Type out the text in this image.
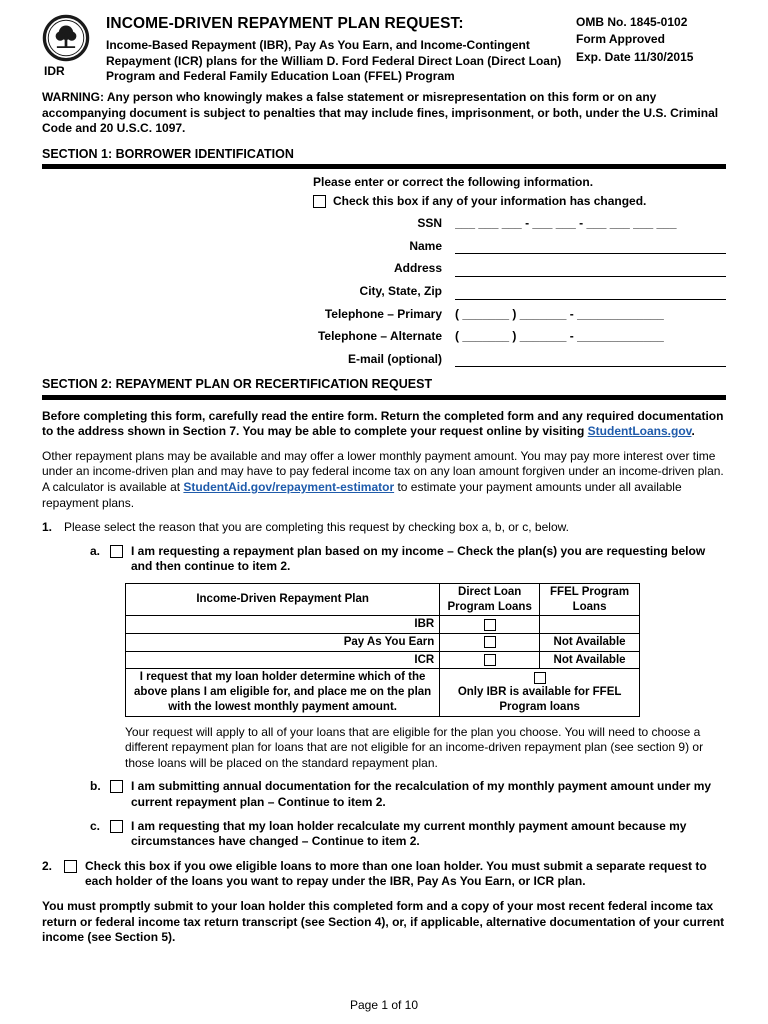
IDR
INCOME-DRIVEN REPAYMENT PLAN REQUEST:
Income-Based Repayment (IBR), Pay As You Earn, and Income-Contingent Repayment (ICR) plans for the William D. Ford Federal Direct Loan (Direct Loan) Program and Federal Family Education Loan (FFEL) Program
OMB No. 1845-0102
Form Approved
Exp. Date 11/30/2015

WARNING: Any person who knowingly makes a false statement or misrepresentation on this form or on any accompanying document is subject to penalties that may include fines, imprisonment, or both, under the U.S. Criminal Code and 20 U.S.C. 1097.

SECTION 1: BORROWER IDENTIFICATION
Please enter or correct the following information.
Check this box if any of your information has changed.
SSN	___ ___ ___ - ___ ___ - ___ ___ ___ ___
Name
Address
City, State, Zip
Telephone – Primary	( _______ ) _______ - _____________
Telephone – Alternate	( _______ ) _______ - _____________
E-mail (optional)
SECTION 2: REPAYMENT PLAN OR RECERTIFICATION REQUEST

Before completing this form, carefully read the entire form. Return the completed form and any required documentation to the address shown in Section 7. You may be able to complete your request online by visiting StudentLoans.gov.

Other repayment plans may be available and may offer a lower monthly payment amount. You may pay more interest over time under an income-driven plan and may have to pay federal income tax on any loan amount forgiven under an income-driven plan. A calculator is available at StudentAid.gov/repayment-estimator to estimate your payment amounts under all available repayment plans.

1. Please select the reason that you are completing this request by checking box a, b, or c, below.
a.	I am requesting a repayment plan based on my income – Check the plan(s) you are requesting below and then continue to item 2.
Income-Driven Repayment Plan	Direct Loan Program Loans	FFEL Program Loans
IBR	

Pay As You Earn		Not Available
ICR		Not Available
I request that my loan holder determine which of the above plans I am eligible for, and place me on the plan with the lowest monthly payment amount.	Only IBR is available for FFEL Program loans	

Your request will apply to all of your loans that are eligible for the plan you choose. You will need to choose a different repayment plan for loans that are not eligible for an income-driven repayment plan (see section 9) or those loans will be placed on the standard repayment plan.

b.	I am submitting annual documentation for the recalculation of my monthly payment amount under my current repayment plan – Continue to item 2.
c.	I am requesting that my loan holder recalculate my current monthly payment amount because my circumstances have changed – Continue to item 2.
2.	Check this box if you owe eligible loans to more than one loan holder. You must submit a separate request to each holder of the loans you want to repay under the IBR, Pay As You Earn, or ICR plan.

You must promptly submit to your loan holder this completed form and a copy of your most recent federal income tax return or federal income tax return transcript (see Section 4), or, if applicable, alternative documentation of your current income (see Section 5).

Page 1 of 10
